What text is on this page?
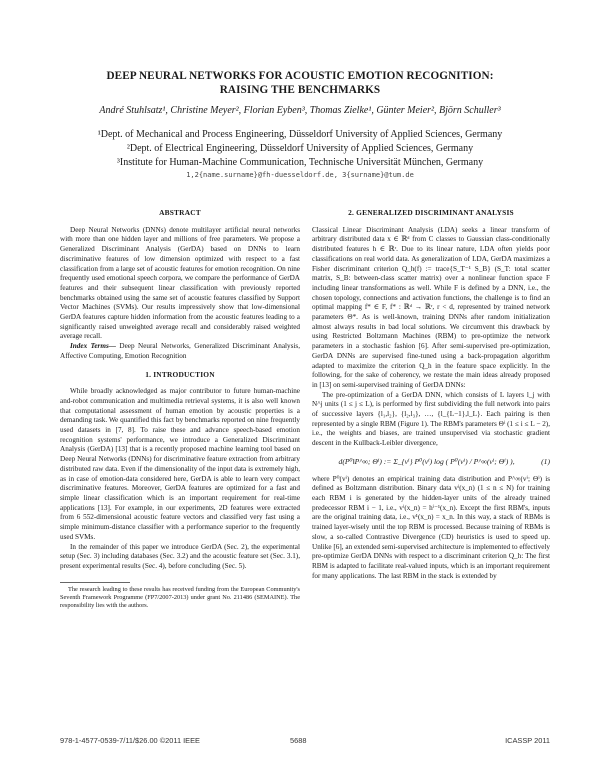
DEEP NEURAL NETWORKS FOR ACOUSTIC EMOTION RECOGNITION:
RAISING THE BENCHMARKS
André Stuhlsatz¹, Christine Meyer², Florian Eyben³, Thomas Zielke¹, Günter Meier², Björn Schuller³
¹Dept. of Mechanical and Process Engineering, Düsseldorf University of Applied Sciences, Germany
²Dept. of Electrical Engineering, Düsseldorf University of Applied Sciences, Germany
³Institute for Human-Machine Communication, Technische Universität München, Germany
1,2{name.surname}@fh-duesseldorf.de, 3{surname}@tum.de
ABSTRACT

Deep Neural Networks (DNNs) denote multilayer artificial neural networks with more than one hidden layer and millions of free parameters. We propose a Generalized Discriminant Analysis (GerDA) based on DNNs to learn discriminative features of low dimension optimized with respect to a fast classification from a large set of acoustic features for emotion recognition. On nine frequently used emotional speech corpora, we compare the performance of GerDA features and their subsequent linear classification with previously reported benchmarks obtained using the same set of acoustic features classified by Support Vector Machines (SVMs). Our results impressively show that low-dimensional GerDA features capture hidden information from the acoustic features leading to a significantly raised unweighted average recall and considerably raised weighted average recall.

Index Terms— Deep Neural Networks, Generalized Discriminant Analysis, Affective Computing, Emotion Recognition

1. INTRODUCTION

While broadly acknowledged as major contributor to future human-machine and-robot communication and multimedia retrieval systems, it is also well known that computational assessment of human emotion by acoustic properties is a demanding task. We quantified this fact by benchmarks reported on nine frequently used datasets in [7, 8]. To raise these and advance speech-based emotion recognition systems' performance, we introduce a Generalized Discriminant Analysis (GerDA) [13] that is a recently proposed machine learning tool based on Deep Neural Networks (DNNs) for discriminative feature extraction from arbitrary distributed raw data. Even if the dimensionality of the input data is extremely high, as in case of emotion-data considered here, GerDA is able to learn very compact discriminative features. Moreover, GerDA features are optimized for a fast and simple linear classification which is an important requirement for real-time applications [13]. For example, in our experiments, 2D features were extracted from 6 552-dimensional acoustic feature vectors and classified very fast using a simple minimum-distance classifier with a performance superior to the frequently used SVMs.

In the remainder of this paper we introduce GerDA (Sec. 2), the experimental setup (Sec. 3) including databases (Sec. 3.2) and the acoustic feature set (Sec. 3.1), present experimental results (Sec. 4), before concluding (Sec. 5).

The research leading to these results has received funding from the European Community's Seventh Framework Programme (FP7/2007-2013) under grant No. 211486 (SEMAINE). The responsibility lies with the authors.
2. GENERALIZED DISCRIMINANT ANALYSIS

Classical Linear Discriminant Analysis (LDA) seeks a linear transform of arbitrary distributed data x ∈ ℝᵈ from C classes to Gaussian class-conditionally distributed features h ∈ ℝʳ. Due to its linear nature, LDA often yields poor classifications on real world data. As generalization of LDA, GerDA maximizes a Fisher discriminant criterion Q_h(f) := trace{S_T⁻¹ S_B} (S_T: total scatter matrix, S_B: between-class scatter matrix) over a nonlinear function space F including linear transformations as well. While F is defined by a DNN, i.e., the chosen topology, connections and activation functions, the challenge is to find an optimal mapping f* ∈ F, f* : ℝᵈ → ℝʳ, r < d, represented by trained network parameters Θ*. As is well-known, training DNNs after random initialization almost always results in bad local solutions. We circumvent this drawback by using Restricted Boltzmann Machines (RBM) to pre-optimize the network parameters in a stochastic fashion [6]. After semi-supervised pre-optimization, GerDA DNNs are supervised fine-tuned using a back-propagation algorithm adapted to maximize the criterion Q_h in the feature space explicitly. In the following, for the sake of coherency, we restate the main ideas already proposed in [13] on semi-supervised training of GerDA DNNs:

The pre-optimization of a GerDA DNN, which consists of L layers l_j with N^j units (1 ≤ j ≤ L), is performed by first subdividing the full network into pairs of successive layers {l₁,l₂}, {l₂,l₃}, …, {l_{L−1},l_L}. Each pairing is then represented by a single RBM (Figure 1). The RBM's parameters Θⁱ (1 ≤ i ≤ L − 2), i.e., the weights and biases, are trained unsupervised via stochastic gradient descent in the Kullback-Leibler divergence,

d(P⁰‖P^∞; Θⁱ) := Σ_{vⁱ} P⁰(vⁱ) log ( P⁰(vⁱ) / P^∞(vⁱ; Θⁱ) ),	(1)

where P⁰(vⁱ) denotes an empirical training data distribution and P^∞(vⁱ; Θⁱ) is defined as Boltzmann distribution. Binary data vⁱ(x_n) (1 ≤ n ≤ N) for training each RBM i is generated by the hidden-layer units of the already trained predecessor RBM i − 1, i.e., vⁱ(x_n) = hⁱ⁻¹(x_n). Except the first RBM's, inputs are the original training data, i.e., v¹(x_n) = x_n. In this way, a stack of RBMs is trained layer-wisely until the top RBM is processed. Because training of RBMs is slow, a so-called Contrastive Divergence (CD) heuristics is used to speed up. Unlike [6], an extended semi-supervised architecture is implemented to effectively pre-optimize GerDA DNNs with respect to a discriminant criterion Q_h: The first RBM is adapted to facilitate real-valued inputs, which is an important requirement for many applications. The last RBM in the stack is extended by

978-1-4577-0539-7/11/$26.00 ©2011 IEEE	5688	ICASSP 2011
